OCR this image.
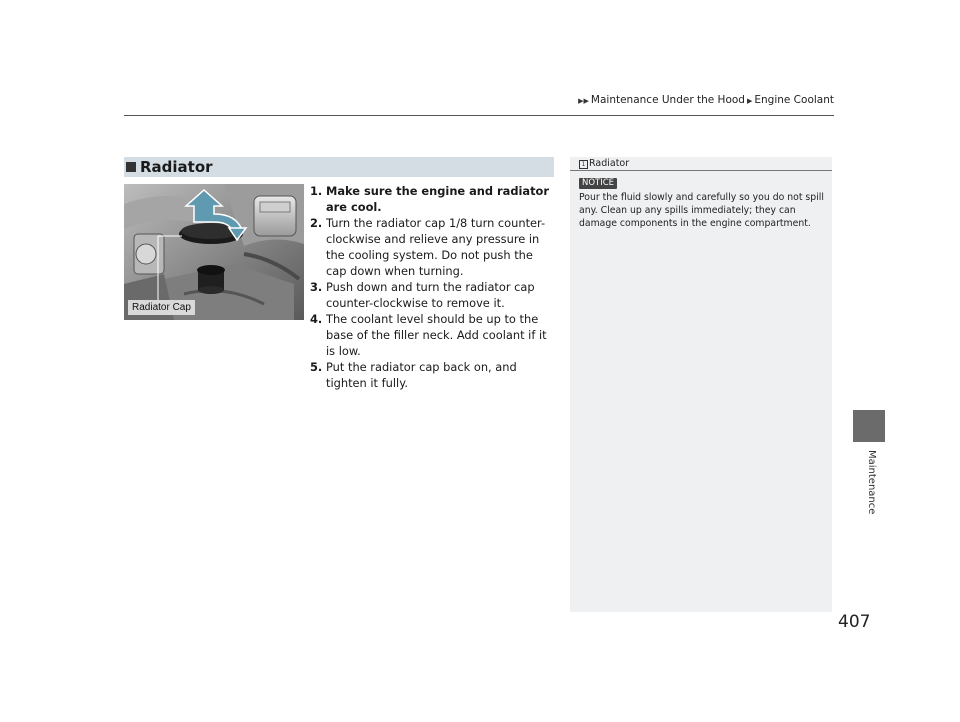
▶▶ Maintenance Under the Hood ▶ Engine Coolant
Radiator
Radiator Cap

1. Make sure the engine and radiator are cool.

2. Turn the radiator cap 1/8 turn counter-clockwise and relieve any pressure in the cooling system. Do not push the cap down when turning.

3. Push down and turn the radiator cap counter-clockwise to remove it.

4. The coolant level should be up to the base of the filler neck. Add coolant if it is low.

5. Put the radiator cap back on, and tighten it fully.

1 Radiator
NOTICE
Pour the fluid slowly and carefully so you do not spill any. Clean up any spills immediately; they can damage components in the engine compartment.
Maintenance
407
